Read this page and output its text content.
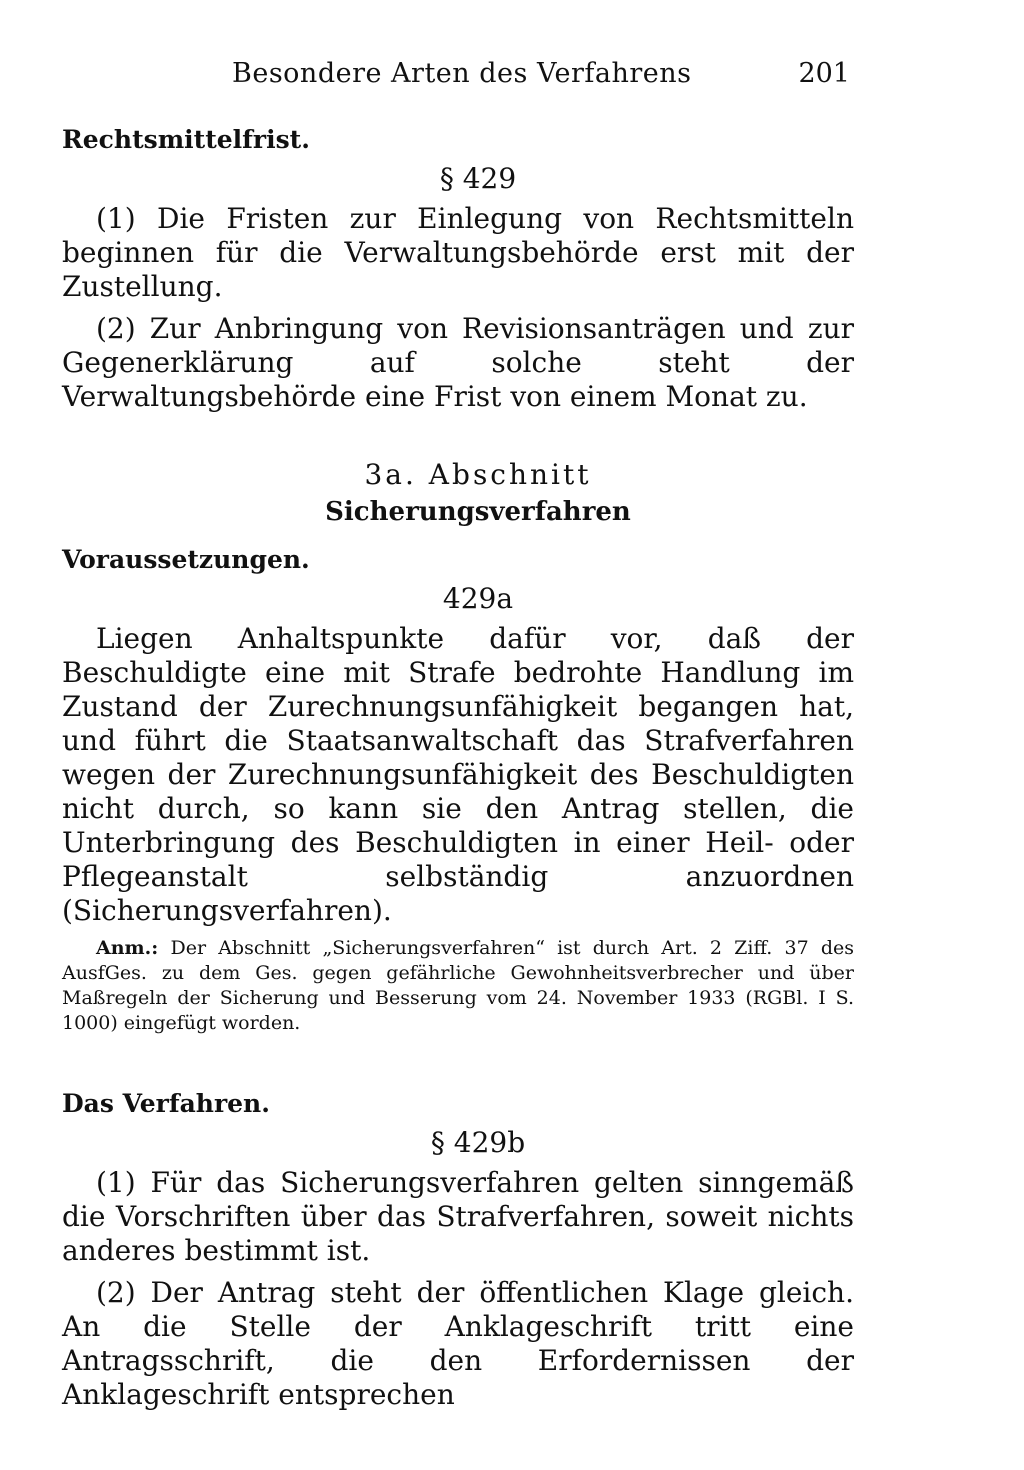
Besondere Arten des Verfahrens	201

Rechtsmittelfrist.

§ 429

(1) Die Fristen zur Einlegung von Rechtsmitteln beginnen für die Verwaltungsbehörde erst mit der Zustellung.

(2) Zur Anbringung von Revisionsanträgen und zur Gegenerklärung auf solche steht der Verwaltungsbehörde eine Frist von einem Monat zu.

3a. Abschnitt

Sicherungsverfahren

Voraussetzungen.

429a

Liegen Anhaltspunkte dafür vor, daß der Beschuldigte eine mit Strafe bedrohte Handlung im Zustand der Zurechnungsunfähigkeit begangen hat, und führt die Staatsanwaltschaft das Strafverfahren wegen der Zurechnungsunfähigkeit des Beschuldigten nicht durch, so kann sie den Antrag stellen, die Unterbringung des Beschuldigten in einer Heil- oder Pflegeanstalt selbständig anzuordnen (Sicherungsverfahren).

Anm.: Der Abschnitt „Sicherungsverfahren“ ist durch Art. 2 Ziff. 37 des AusfGes. zu dem Ges. gegen gefährliche Gewohnheitsverbrecher und über Maßregeln der Sicherung und Besserung vom 24. November 1933 (RGBl. I S. 1000) eingefügt worden.

Das Verfahren.

§ 429b

(1) Für das Sicherungsverfahren gelten sinngemäß die Vorschriften über das Strafverfahren, soweit nichts anderes bestimmt ist.

(2) Der Antrag steht der öffentlichen Klage gleich. An die Stelle der Anklageschrift tritt eine Antragsschrift, die den Erfordernissen der Anklageschrift entsprechen
